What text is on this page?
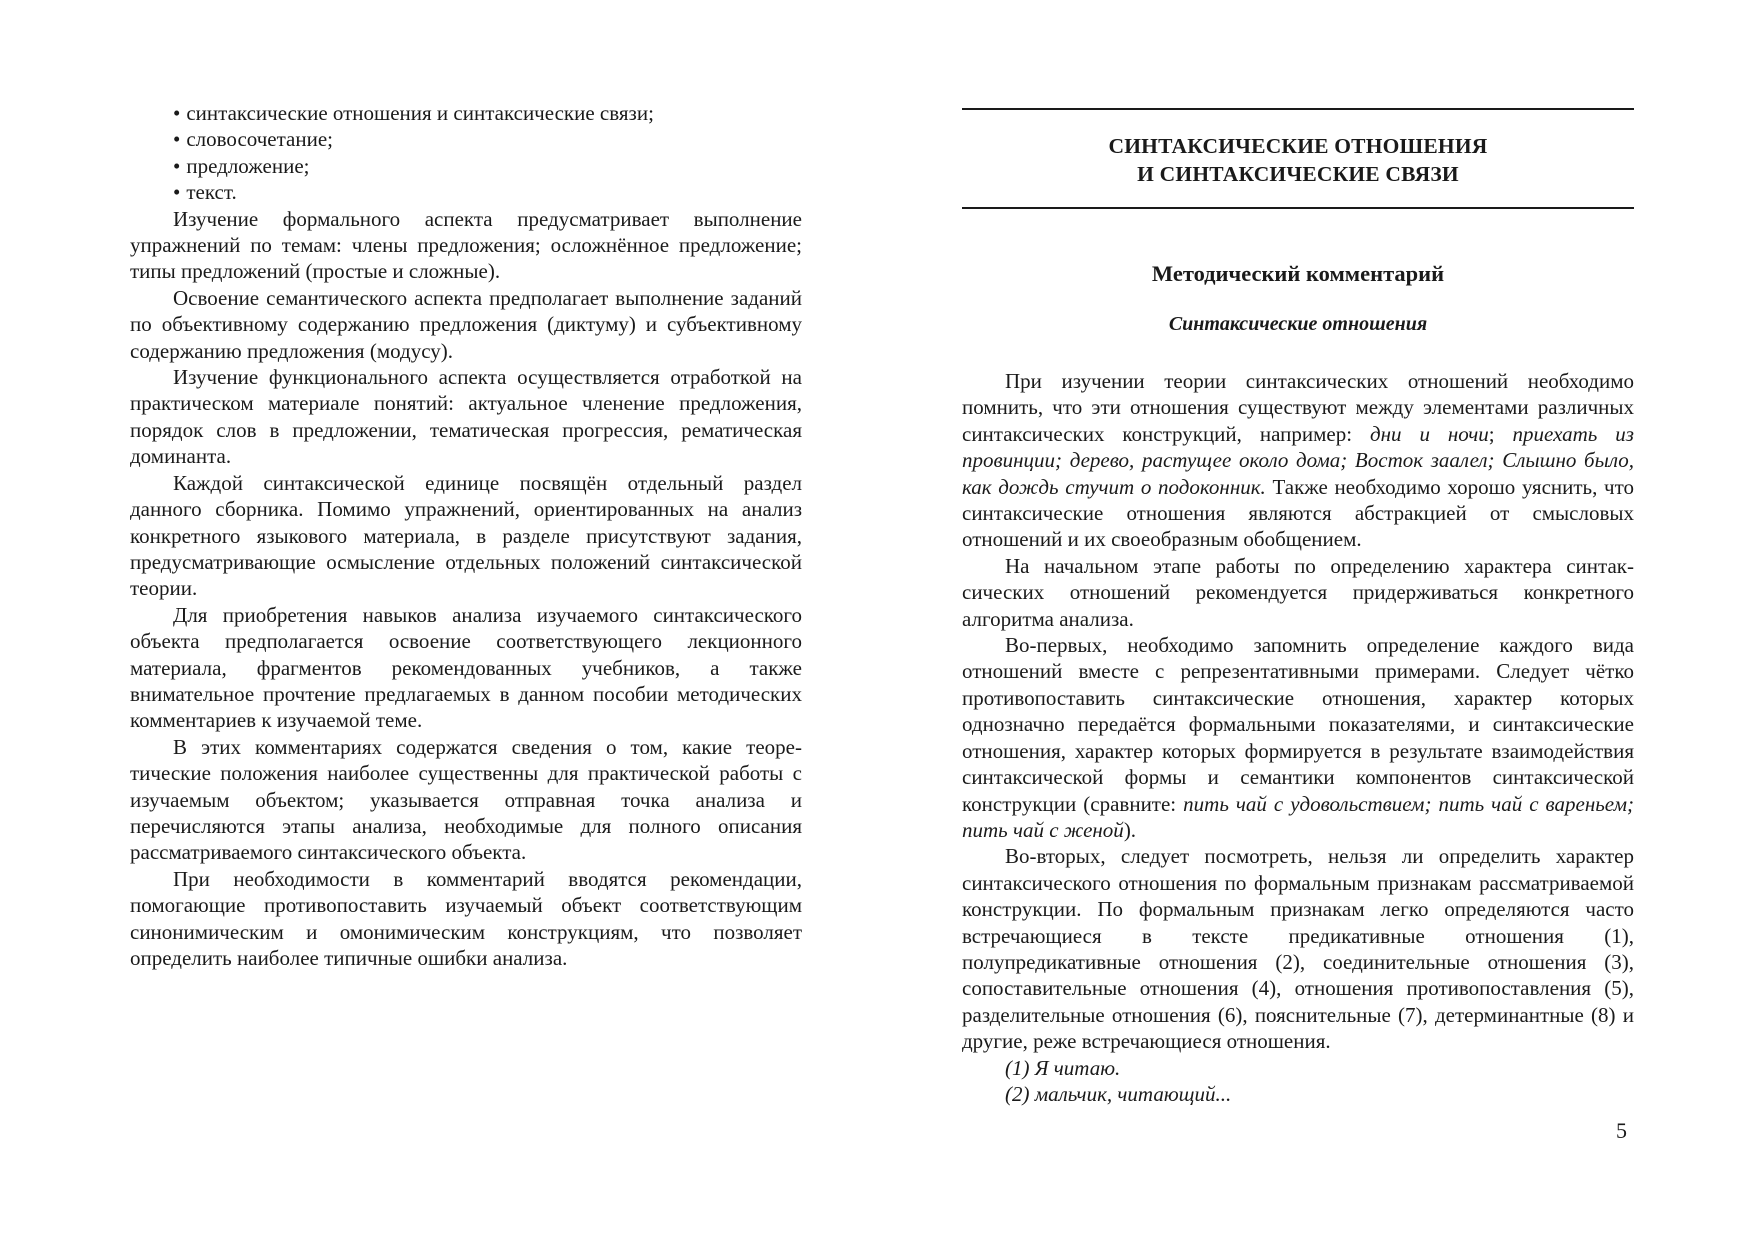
• синтаксические отношения и синтаксические связи;

• словосочетание;

• предложение;

• текст.

Изучение формального аспекта предусматривает выполнение упражнений по темам: члены предложения; осложнённое предложение; типы предложений (простые и сложные).

Освоение семантического аспекта предполагает выполнение заданий по объективному содержанию предложения (диктуму) и субъективному содержанию предложения (модусу).

Изучение функционального аспекта осуществляется отработкой на практическом материале понятий: актуальное членение предложения, порядок слов в предложении, тематическая прогрессия, рематическая доминанта.

Каждой синтаксической единице посвящён отдельный раздел данного сборника. Помимо упражнений, ориентированных на анализ конкретного языкового материала, в разделе присутствуют задания, предусматривающие осмысление отдельных положений синтаксической теории.

Для приобретения навыков анализа изучаемого синтаксического объекта предполагается освоение соответствующего лекционного материала, фрагментов рекомендованных учебников, а также внимательное прочтение предлагаемых в данном пособии методических комментариев к изучаемой теме.

В этих комментариях содержатся сведения о том, какие теоретические положения наиболее существенны для практической работы с изучаемым объектом; указывается отправная точка анализа и перечисляются этапы анализа, необходимые для полного описания рассматриваемого синтаксического объекта.

При необходимости в комментарий вводятся рекомендации, помогающие противопоставить изучаемый объект соответствующим синонимическим и омонимическим конструкциям, что позволяет определить наиболее типичные ошибки анализа.

СИНТАКСИЧЕСКИЕ ОТНОШЕНИЯ
И СИНТАКСИЧЕСКИЕ СВЯЗИ
Методический комментарий
Синтаксические отношения

При изучении теории синтаксических отношений необходимо помнить, что эти отношения существуют между элементами различных синтаксических конструкций, например: дни и ночи; приехать из провинции; дерево, растущее около дома; Восток заалел; Слышно было, как дождь стучит о подоконник. Также необходимо хорошо уяснить, что синтаксические отношения являются абстракцией от смысловых отношений и их своеобразным обобщением.

На начальном этапе работы по определению характера синтаксических отношений рекомендуется придерживаться конкретного алгоритма анализа.

Во-первых, необходимо запомнить определение каждого вида отношений вместе с репрезентативными примерами. Следует чётко противопоставить синтаксические отношения, характер которых однозначно передаётся формальными показателями, и синтаксические отношения, характер которых формируется в результате взаимодействия синтаксической формы и семантики компонентов синтаксической конструкции (сравните: пить чай с удовольствием; пить чай с вареньем; пить чай с женой).

Во-вторых, следует посмотреть, нельзя ли определить характер синтаксического отношения по формальным признакам рассматриваемой конструкции. По формальным признакам легко определяются часто встречающиеся в тексте предикативные отношения (1), полупредикативные отношения (2), соединительные отношения (3), сопоставительные отношения (4), отношения противопоставления (5), разделительные отношения (6), пояснительные (7), детерминантные (8) и другие, реже встречающиеся отношения.

(1) Я читаю.

(2) мальчик, читающий...

5
